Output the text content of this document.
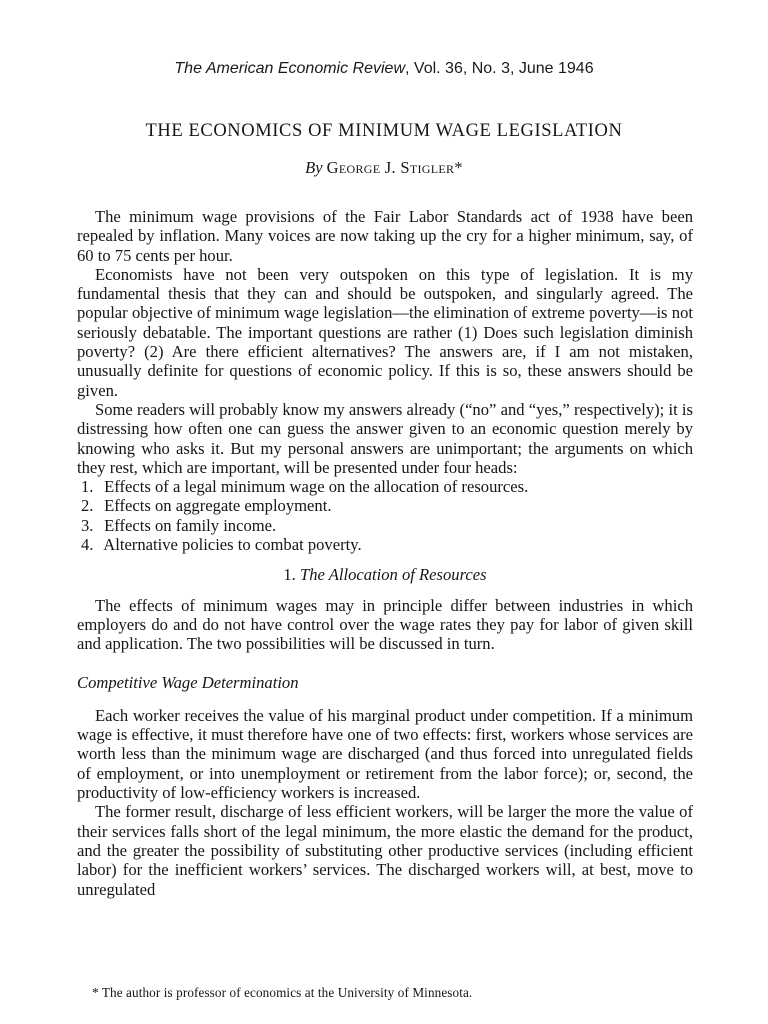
The American Economic Review, Vol. 36, No. 3, June 1946
THE ECONOMICS OF MINIMUM WAGE LEGISLATION
By George J. Stigler*

The minimum wage provisions of the Fair Labor Standards act of 1938 have been repealed by inflation. Many voices are now taking up the cry for a higher minimum, say, of 60 to 75 cents per hour.

Economists have not been very outspoken on this type of legislation. It is my fundamental thesis that they can and should be outspoken, and singularly agreed. The popular objective of minimum wage legislation—the elimination of extreme poverty—is not seriously debatable. The important questions are rather (1) Does such legislation diminish poverty? (2) Are there efficient alternatives? The answers are, if I am not mistaken, unusually definite for questions of economic policy. If this is so, these answers should be given.

Some readers will probably know my answers already (“no” and “yes,” respectively); it is distressing how often one can guess the answer given to an economic question merely by knowing who asks it. But my personal answers are unimportant; the arguments on which they rest, which are important, will be presented under four heads:

1. Effects of a legal minimum wage on the allocation of resources.
2. Effects on aggregate employment.
3. Effects on family income.
4. Alternative policies to combat poverty.
1. The Allocation of Resources

The effects of minimum wages may in principle differ between industries in which employers do and do not have control over the wage rates they pay for labor of given skill and application. The two possibilities will be discussed in turn.

Competitive Wage Determination

Each worker receives the value of his marginal product under competition. If a minimum wage is effective, it must therefore have one of two effects: first, workers whose services are worth less than the minimum wage are discharged (and thus forced into unregulated fields of employment, or into unemployment or retirement from the labor force); or, second, the productivity of low-efficiency workers is increased.

The former result, discharge of less efficient workers, will be larger the more the value of their services falls short of the legal minimum, the more elastic the demand for the product, and the greater the possibility of substituting other productive services (including efficient labor) for the inefficient workers’ services. The discharged workers will, at best, move to unregulated

* The author is professor of economics at the University of Minnesota.
